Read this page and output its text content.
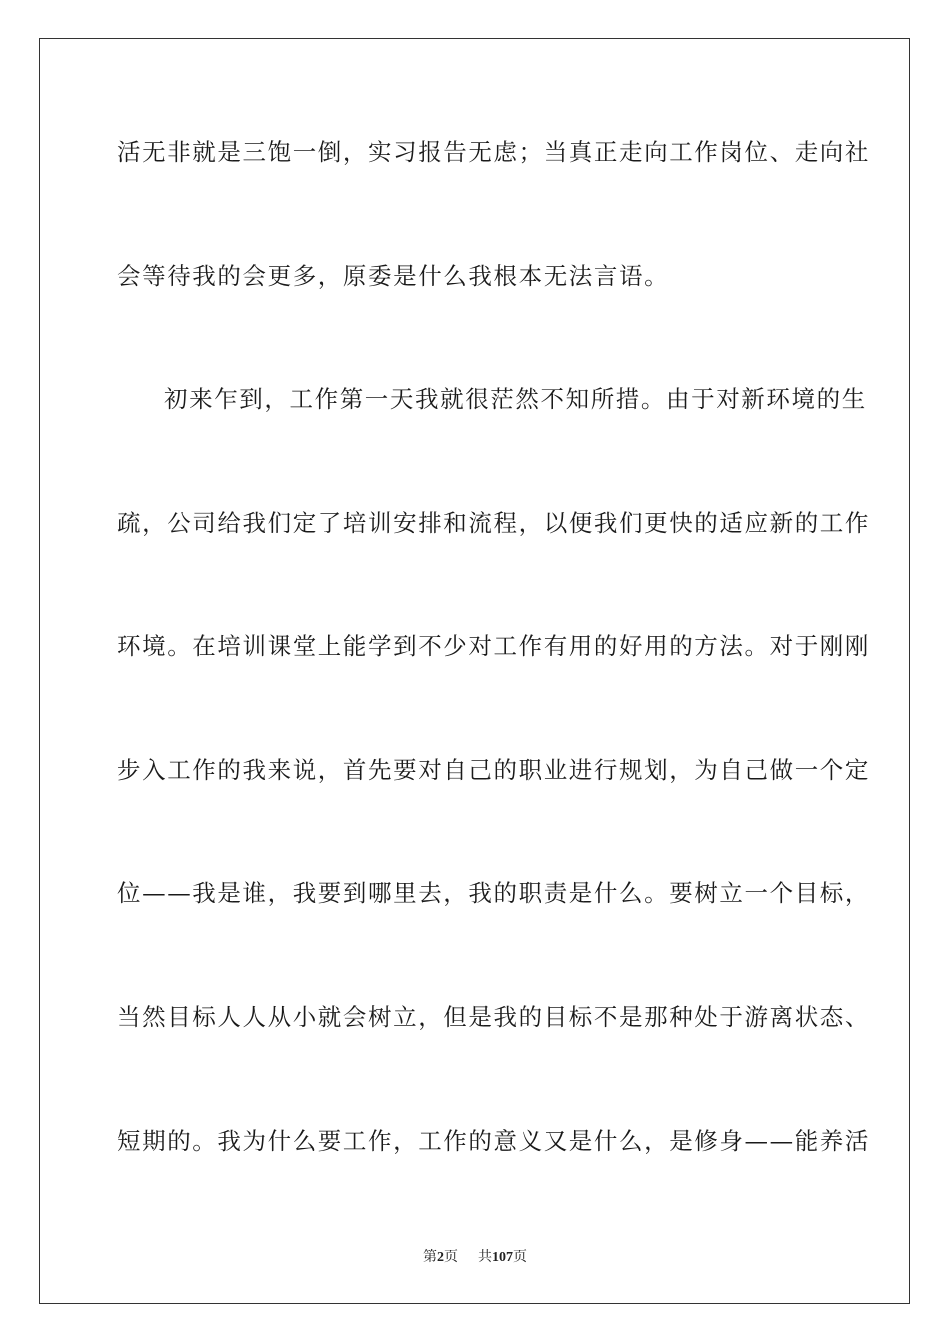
活无非就是三饱一倒，实习报告无虑；当真正走向工作岗位、走向社
会等待我的会更多，原委是什么我根本无法言语。
初来乍到，工作第一天我就很茫然不知所措。由于对新环境的生
疏，公司给我们定了培训安排和流程，以便我们更快的适应新的工作
环境。在培训课堂上能学到不少对工作有用的好用的方法。对于刚刚
步入工作的我来说，首先要对自己的职业进行规划，为自己做一个定
位——我是谁，我要到哪里去，我的职责是什么。要树立一个目标，
当然目标人人从小就会树立，但是我的目标不是那种处于游离状态、
短期的。我为什么要工作，工作的意义又是什么，是修身——能养活
第2页 共107页
